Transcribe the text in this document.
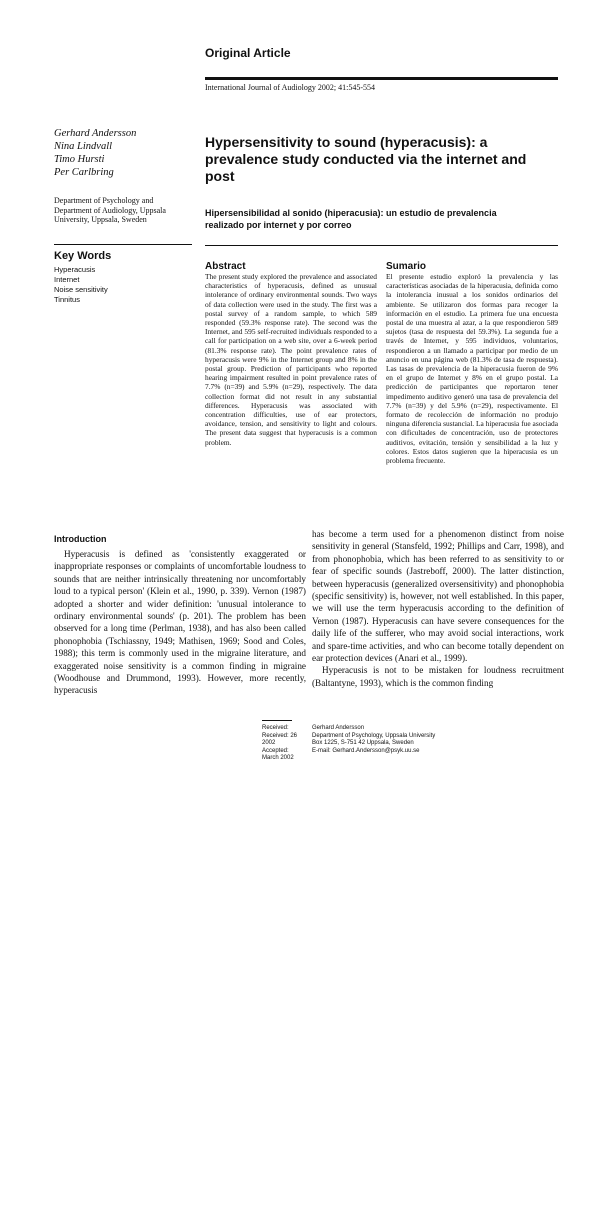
Original Article
International Journal of Audiology 2002; 41:545-554
Gerhard Andersson
Nina Lindvall
Timo Hursti
Per Carlbring
Department of Psychology and Department of Audiology, Uppsala University, Uppsala, Sweden
Key Words
Hyperacusis
Internet
Noise sensitivity
Tinnitus
Hypersensitivity to sound (hyperacusis): a prevalence study conducted via the internet and post
Hipersensibilidad al sonido (hiperacusia): un estudio de prevalencia realizado por internet y por correo
Abstract
The present study explored the prevalence and associated characteristics of hyperacusis, defined as unusual intolerance of ordinary environmental sounds. Two ways of data collection were used in the study. The first was a postal survey of a random sample, to which 589 responded (59.3% response rate). The second was the Internet, and 595 self-recruited individuals responded to a call for participation on a web site, over a 6-week period (81.3% response rate). The point prevalence rates of hyperacusis were 9% in the Internet group and 8% in the postal group. Prediction of participants who reported hearing impairment resulted in point prevalence rates of 7.7% (n=39) and 5.9% (n=29), respectively. The data collection format did not result in any substantial differences. Hyperacusis was associated with concentration difficulties, use of ear protectors, avoidance, tension, and sensitivity to light and colours. The present data suggest that hyperacusis is a common problem.
Sumario
El presente estudio exploró la prevalencia y las características asociadas de la hiperacusia, definida como la intolerancia inusual a los sonidos ordinarios del ambiente. Se utilizaron dos formas para recoger la información en el estudio. La primera fue una encuesta postal de una muestra al azar, a la que respondieron 589 sujetos (tasa de respuesta del 59.3%). La segunda fue a través de Internet, y 595 individuos, voluntarios, respondieron a un llamado a participar por medio de un anuncio en una página web (81.3% de tasa de respuesta). Las tasas de prevalencia de la hiperacusia fueron de 9% en el grupo de Internet y 8% en el grupo postal. La predicción de participantes que reportaron tener impedimento auditivo generó una tasa de prevalencia del 7.7% (n=39) y del 5.9% (n=29), respectivamente. El formato de recolección de información no produjo ninguna diferencia sustancial. La hiperacusia fue asociada con dificultades de concentración, uso de protectores auditivos, evitación, tensión y sensibilidad a la luz y colores. Estos datos sugieren que la hiperacusia es un problema frecuente.
Introduction

Hyperacusis is defined as 'consistently exaggerated or inappropriate responses or complaints of uncomfortable loudness to sounds that are neither intrinsically threatening nor uncomfortably loud to a typical person' (Klein et al., 1990, p. 339). Vernon (1987) adopted a shorter and wider definition: 'unusual intolerance to ordinary environmental sounds' (p. 201). The problem has been observed for a long time (Perlman, 1938), and has also been called phonophobia (Tschiassny, 1949; Mathisen, 1969; Sood and Coles, 1988); this term is commonly used in the migraine literature, and exaggerated noise sensitivity is a common finding in migraine (Woodhouse and Drummond, 1993). However, more recently, hyperacusis

has become a term used for a phenomenon distinct from noise sensitivity in general (Stansfeld, 1992; Phillips and Carr, 1998), and from phonophobia, which has been referred to as sensitivity to or fear of specific sounds (Jastreboff, 2000). The latter distinction, between hyperacusis (generalized oversensitivity) and phonophobia (specific sensitivity) is, however, not well established. In this paper, we will use the term hyperacusis according to the definition of Vernon (1987). Hyperacusis can have severe consequences for the daily life of the sufferer, who may avoid social interactions, work and spare-time activities, and who can become totally dependent on ear protection devices (Anari et al., 1999).

Hyperacusis is not to be mistaken for loudness recruitment (Baltantyne, 1993), which is the common finding

Received:
Received: 26 2002
Accepted:
March 2002
Gerhard Andersson
Department of Psychology, Uppsala University
Box 1225, S-751 42 Uppsala, Sweden
E-mail: Gerhard.Andersson@psyk.uu.se
